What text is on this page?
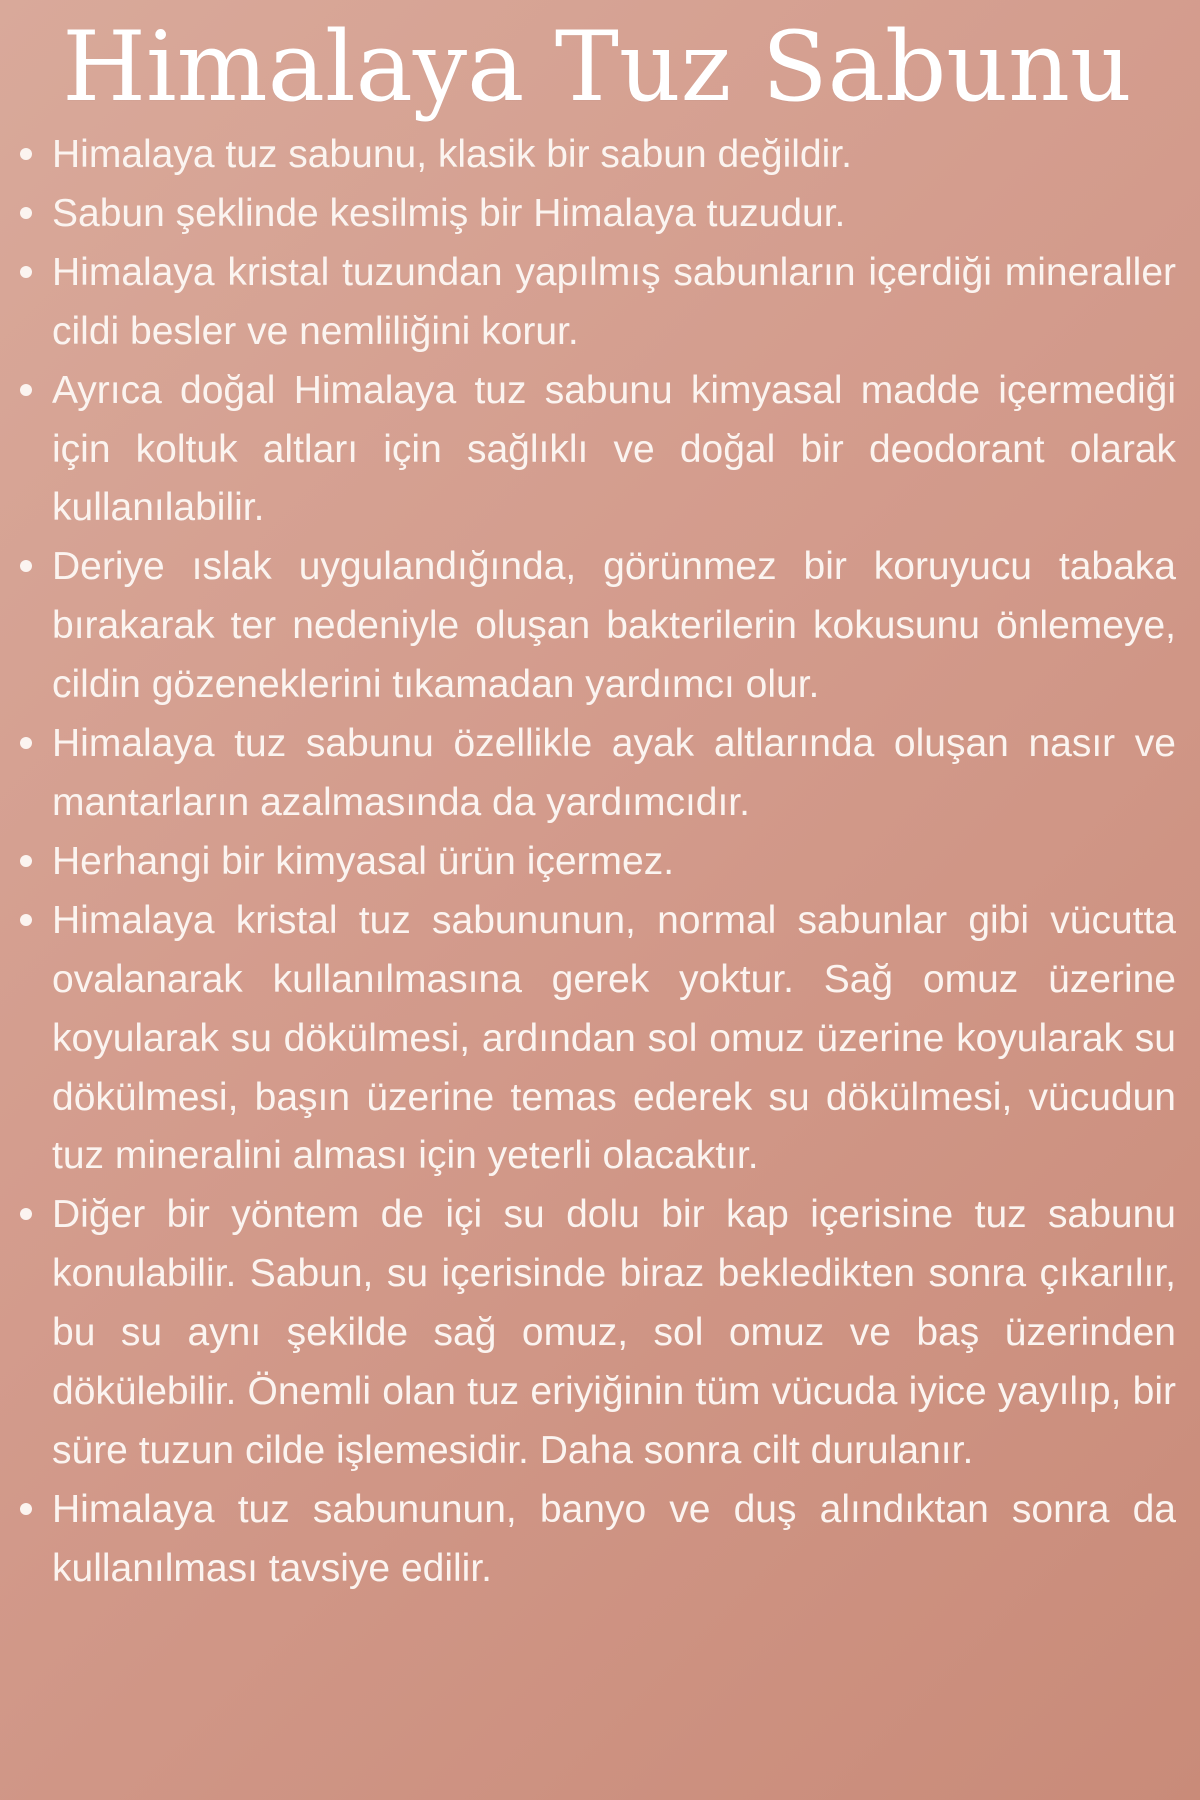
Himalaya Tuz Sabunu
Himalaya tuz sabunu, klasik bir sabun değildir.
Sabun şeklinde kesilmiş bir Himalaya tuzudur.
Himalaya kristal tuzundan yapılmış sabunların içerdiği mineraller cildi besler ve nemliliğini korur.
Ayrıca doğal Himalaya tuz sabunu kimyasal madde içermediği için koltuk altları için sağlıklı ve doğal bir deodorant olarak kullanılabilir.
Deriye ıslak uygulandığında, görünmez bir koruyucu tabaka bırakarak ter nedeniyle oluşan bakterilerin kokusunu önlemeye, cildin gözeneklerini tıkamadan yardımcı olur.
Himalaya tuz sabunu özellikle ayak altlarında oluşan nasır ve mantarların azalmasında da yardımcıdır.
Herhangi bir kimyasal ürün içermez.
Himalaya kristal tuz sabununun, normal sabunlar gibi vücutta ovalanarak kullanılmasına gerek yoktur. Sağ omuz üzerine koyularak su dökülmesi, ardından sol omuz üzerine koyularak su dökülmesi, başın üzerine temas ederek su dökülmesi, vücudun tuz mineralini alması için yeterli olacaktır.
Diğer bir yöntem de içi su dolu bir kap içerisine tuz sabunu konulabilir. Sabun, su içerisinde biraz bekledikten sonra çıkarılır, bu su aynı şekilde sağ omuz, sol omuz ve baş üzerinden dökülebilir. Önemli olan tuz eriyiğinin tüm vücuda iyice yayılıp, bir süre tuzun cilde işlemesidir. Daha sonra cilt durulanır.
Himalaya tuz sabununun, banyo ve duş alındıktan sonra da kullanılması tavsiye edilir.
